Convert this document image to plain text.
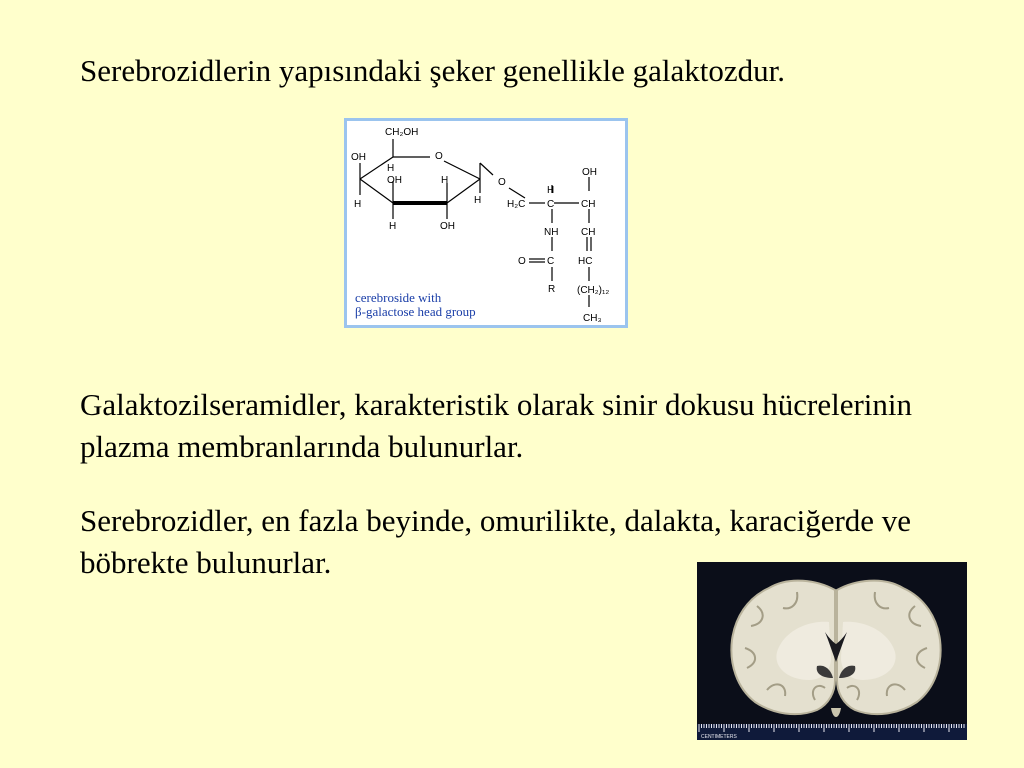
Serebrozidlerin yapısındaki şeker genellikle galaktozdur.

CH₂OH
O
OH
H
OH	H
H
H
H	OH
O
H₂C C
H
CH
OH
NH CH
O C HC
R (CH₂)₁₂
CH₃
cerebroside with
β-galactose head group

Galaktozilseramidler, karakteristik olarak sinir dokusu hücrelerinin plazma membranlarında bulunurlar.

Serebrozidler, en fazla beyinde, omurilikte, dalakta, karaciğerde ve böbrekte bulunurlar.

CENTIMETERS
